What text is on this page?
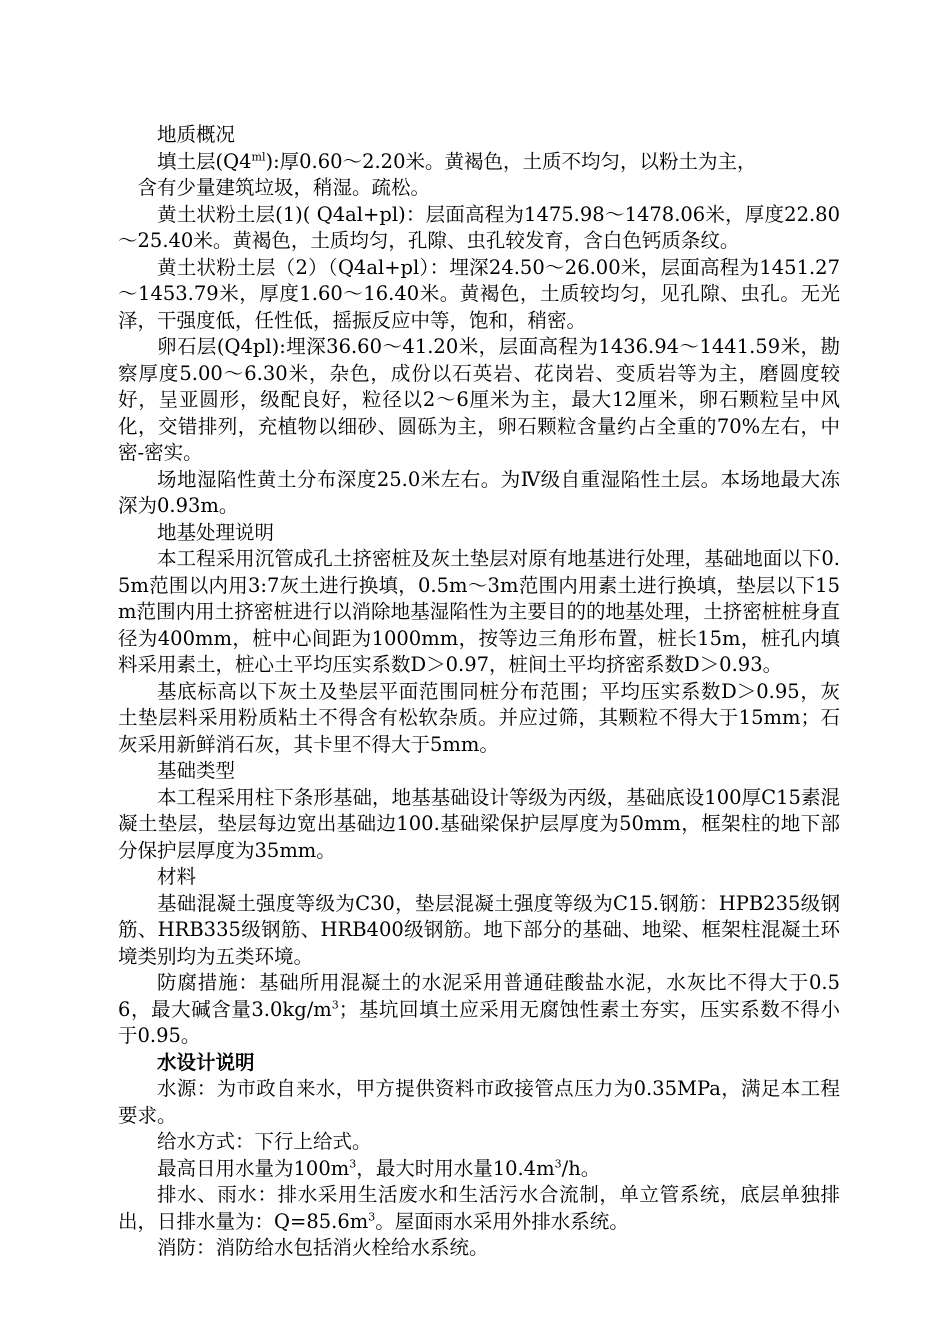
地质概况

填土层$(Q4^{ml})$:厚0.60～2.20米。黄褐色，土质不均匀，以粉土为主，

含有少量建筑垃圾，稍湿。疏松。

黄土状粉土层(1)( Q4al+pl)：层面高程为1475.98～1478.06米，厚度22.80～25.40米。黄褐色，土质均匀，孔隙、虫孔较发育，含白色钙质条纹。

黄土状粉土层（2）（Q4al+pl）：埋深24.50～26.00米，层面高程为1451.27～1453.79米，厚度1.60～16.40米。黄褐色，土质较均匀，见孔隙、虫孔。无光泽，干强度低，任性低，摇振反应中等，饱和，稍密。

卵石层(Q4pl):埋深36.60～41.20米，层面高程为1436.94～1441.59米，勘察厚度5.00～6.30米，杂色，成份以石英岩、花岗岩、变质岩等为主，磨圆度较好，呈亚圆形，级配良好，粒径以2～6厘米为主，最大12厘米，卵石颗粒呈中风化，交错排列，充植物以细砂、圆砾为主，卵石颗粒含量约占全重的70%左右，中密-密实。

场地湿陷性黄土分布深度25.0米左右。为Ⅳ级自重湿陷性土层。本场地最大冻深为0.93m。

地基处理说明

本工程采用沉管成孔土挤密桩及灰土垫层对原有地基进行处理，基础地面以下0.5m范围以内用3:7灰土进行换填，0.5m～3m范围内用素土进行换填，垫层以下15m范围内用土挤密桩进行以消除地基湿陷性为主要目的的地基处理，土挤密桩桩身直径为400mm，桩中心间距为1000mm，按等边三角形布置，桩长15m，桩孔内填料采用素土，桩心土平均压实系数D＞0.97，桩间土平均挤密系数D＞0.93。

基底标高以下灰土及垫层平面范围同桩分布范围；平均压实系数D＞0.95，灰土垫层料采用粉质粘土不得含有松软杂质。并应过筛，其颗粒不得大于15mm；石灰采用新鲜消石灰，其卡里不得大于5mm。

基础类型

本工程采用柱下条形基础，地基基础设计等级为丙级，基础底设100厚C15素混凝土垫层，垫层每边宽出基础边100.基础梁保护层厚度为50mm，框架柱的地下部分保护层厚度为35mm。

材料

基础混凝土强度等级为C30，垫层混凝土强度等级为C15.钢筋：HPB235级钢筋、HRB335级钢筋、HRB400级钢筋。地下部分的基础、地梁、框架柱混凝土环境类别均为五类环境。

防腐措施：基础所用混凝土的水泥采用普通硅酸盐水泥，水灰比不得大于0.56，最大碱含量$3.0kg/m^3$；基坑回填土应采用无腐蚀性素土夯实，压实系数不得小于0.95。

水设计说明

水源：为市政自来水，甲方提供资料市政接管点压力为0.35MPa，满足本工程要求。

给水方式：下行上给式。

最高日用水量为$100m^3$，最大时用水量$10.4m^3/h$。

排水、雨水：排水采用生活废水和生活污水合流制，单立管系统，底层单独排出，日排水量为：$Q=85.6m^3$。屋面雨水采用外排水系统。

消防：消防给水包括消火栓给水系统。
